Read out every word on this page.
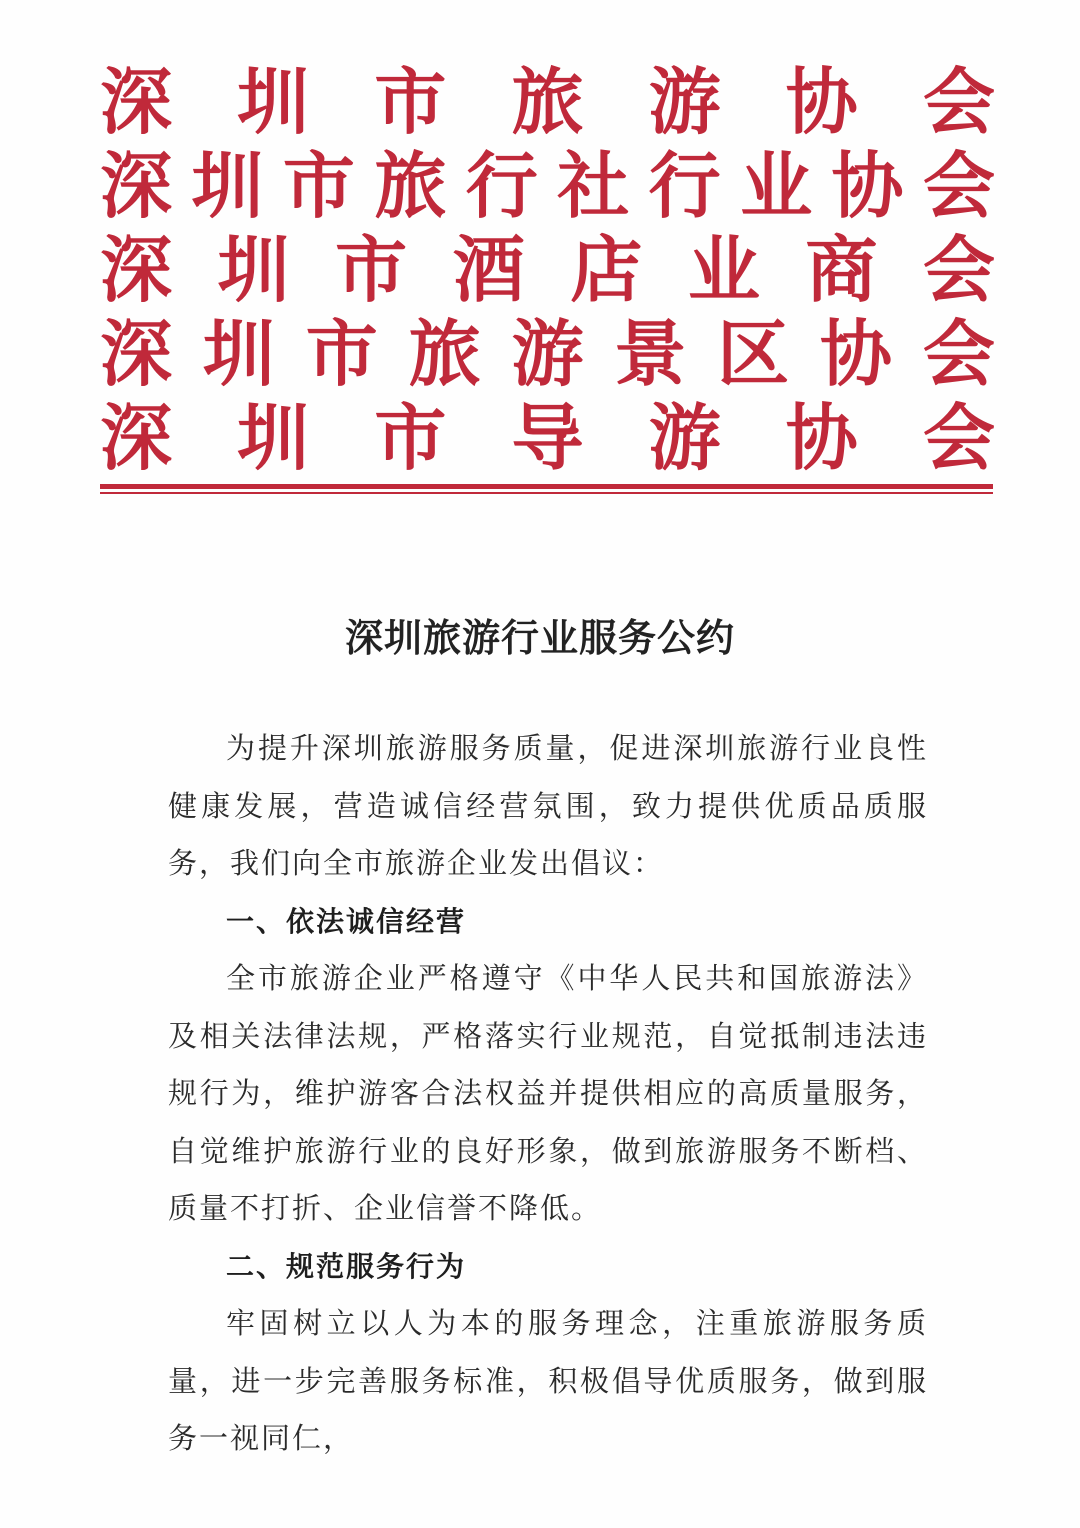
深 圳 市 旅 游 协 会
深 圳 市 旅 行 社 行 业 协 会
深 圳 市 酒 店 业 商 会
深 圳 市 旅 游 景 区 协 会
深 圳 市 导 游 协 会
深圳旅游行业服务公约

为提升深圳旅游服务质量，促进深圳旅游行业良性健康发展，营造诚信经营氛围，致力提供优质品质服务，我们向全市旅游企业发出倡议：

一、依法诚信经营

全市旅游企业严格遵守《中华人民共和国旅游法》及相关法律法规，严格落实行业规范，自觉抵制违法违规行为，维护游客合法权益并提供相应的高质量服务，自觉维护旅游行业的良好形象，做到旅游服务不断档、质量不打折、企业信誉不降低。

二、规范服务行为

牢固树立以人为本的服务理念，注重旅游服务质量，进一步完善服务标准，积极倡导优质服务，做到服务一视同仁，
